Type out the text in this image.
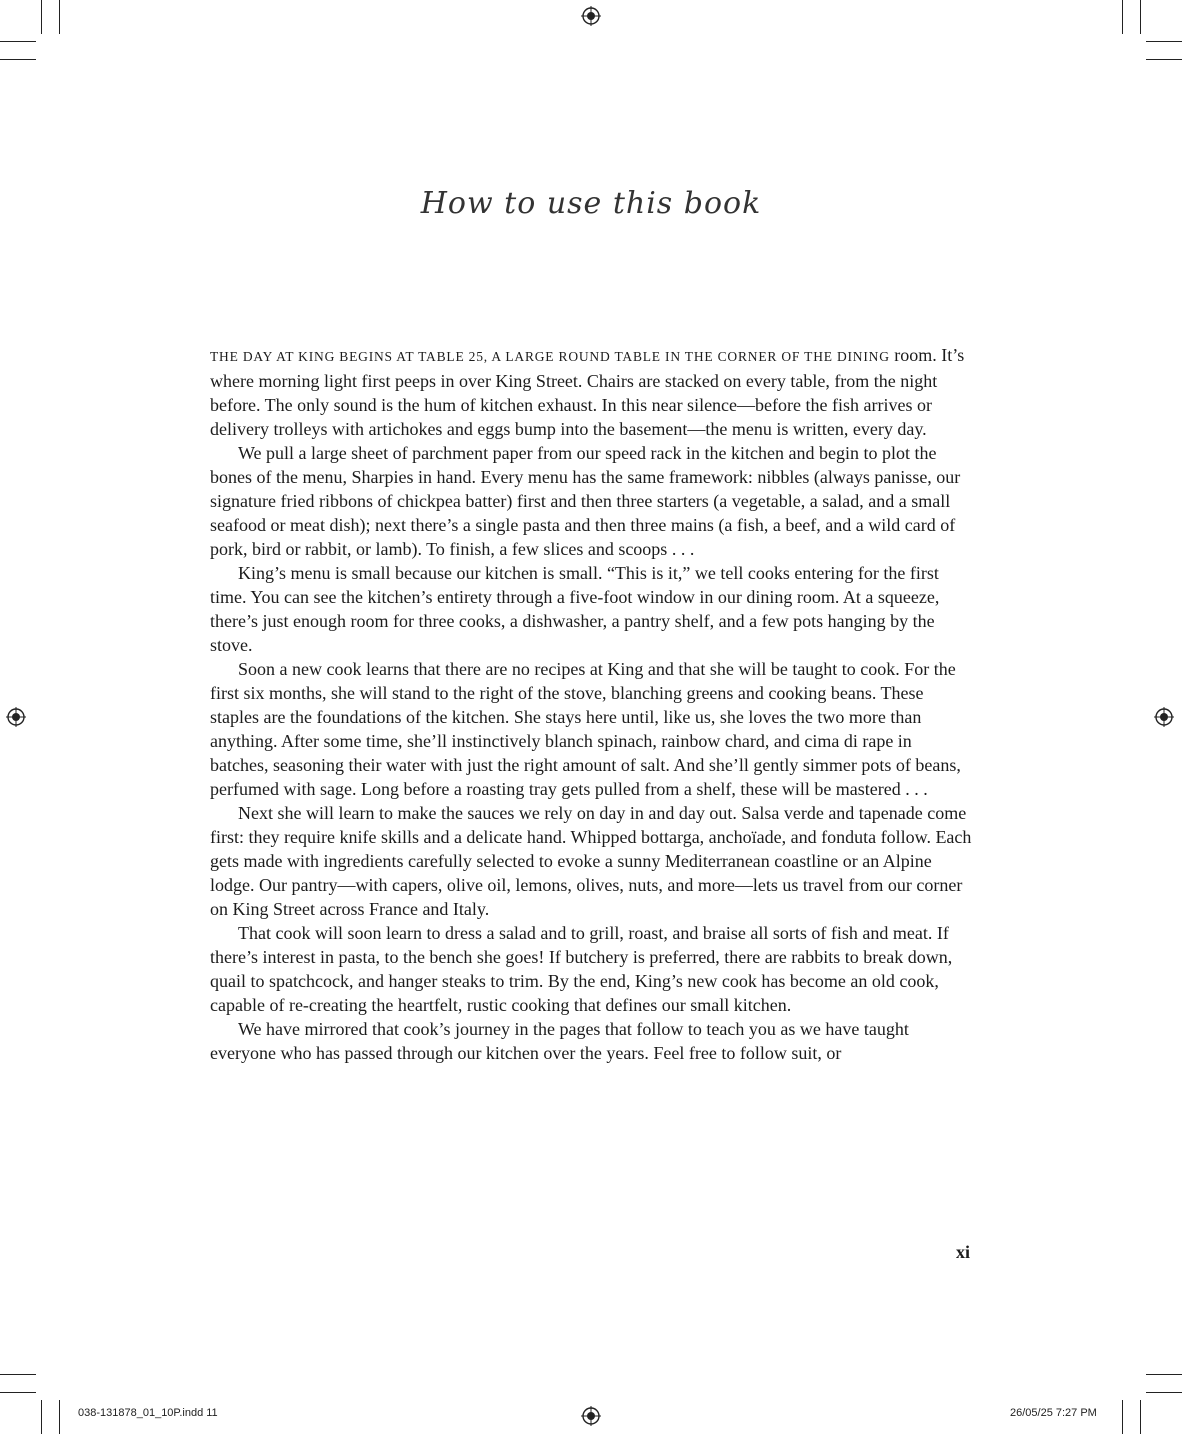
How to use this book

THE DAY AT KING BEGINS AT TABLE 25, A LARGE ROUND TABLE IN THE CORNER OF THE DINING room. It’s where morning light first peeps in over King Street. Chairs are stacked on every table, from the night before. The only sound is the hum of kitchen exhaust. In this near silence—before the fish arrives or delivery trolleys with artichokes and eggs bump into the basement—the menu is written, every day.

We pull a large sheet of parchment paper from our speed rack in the kitchen and begin to plot the bones of the menu, Sharpies in hand. Every menu has the same framework: nibbles (always panisse, our signature fried ribbons of chickpea batter) first and then three starters (a vegetable, a salad, and a small seafood or meat dish); next there’s a single pasta and then three mains (a fish, a beef, and a wild card of pork, bird or rabbit, or lamb). To finish, a few slices and scoops . . .

King’s menu is small because our kitchen is small. “This is it,” we tell cooks entering for the first time. You can see the kitchen’s entirety through a five-foot window in our dining room. At a squeeze, there’s just enough room for three cooks, a dishwasher, a pantry shelf, and a few pots hanging by the stove.

Soon a new cook learns that there are no recipes at King and that she will be taught to cook. For the first six months, she will stand to the right of the stove, blanching greens and cooking beans. These staples are the foundations of the kitchen. She stays here until, like us, she loves the two more than anything. After some time, she’ll instinctively blanch spinach, rainbow chard, and cima di rape in batches, seasoning their water with just the right amount of salt. And she’ll gently simmer pots of beans, perfumed with sage. Long before a roasting tray gets pulled from a shelf, these will be mastered . . .

Next she will learn to make the sauces we rely on day in and day out. Salsa verde and tapenade come first: they require knife skills and a delicate hand. Whipped bottarga, anchoïade, and fonduta follow. Each gets made with ingredients carefully selected to evoke a sunny Mediterranean coastline or an Alpine lodge. Our pantry—with capers, olive oil, lemons, olives, nuts, and more—lets us travel from our corner on King Street across France and Italy.

That cook will soon learn to dress a salad and to grill, roast, and braise all sorts of fish and meat. If there’s interest in pasta, to the bench she goes! If butchery is preferred, there are rabbits to break down, quail to spatchcock, and hanger steaks to trim. By the end, King’s new cook has become an old cook, capable of re-creating the heartfelt, rustic cooking that defines our small kitchen.

We have mirrored that cook’s journey in the pages that follow to teach you as we have taught everyone who has passed through our kitchen over the years. Feel free to follow suit, or

xi
038-131878_01_10P.indd 11	26/05/25 7:27 PM
